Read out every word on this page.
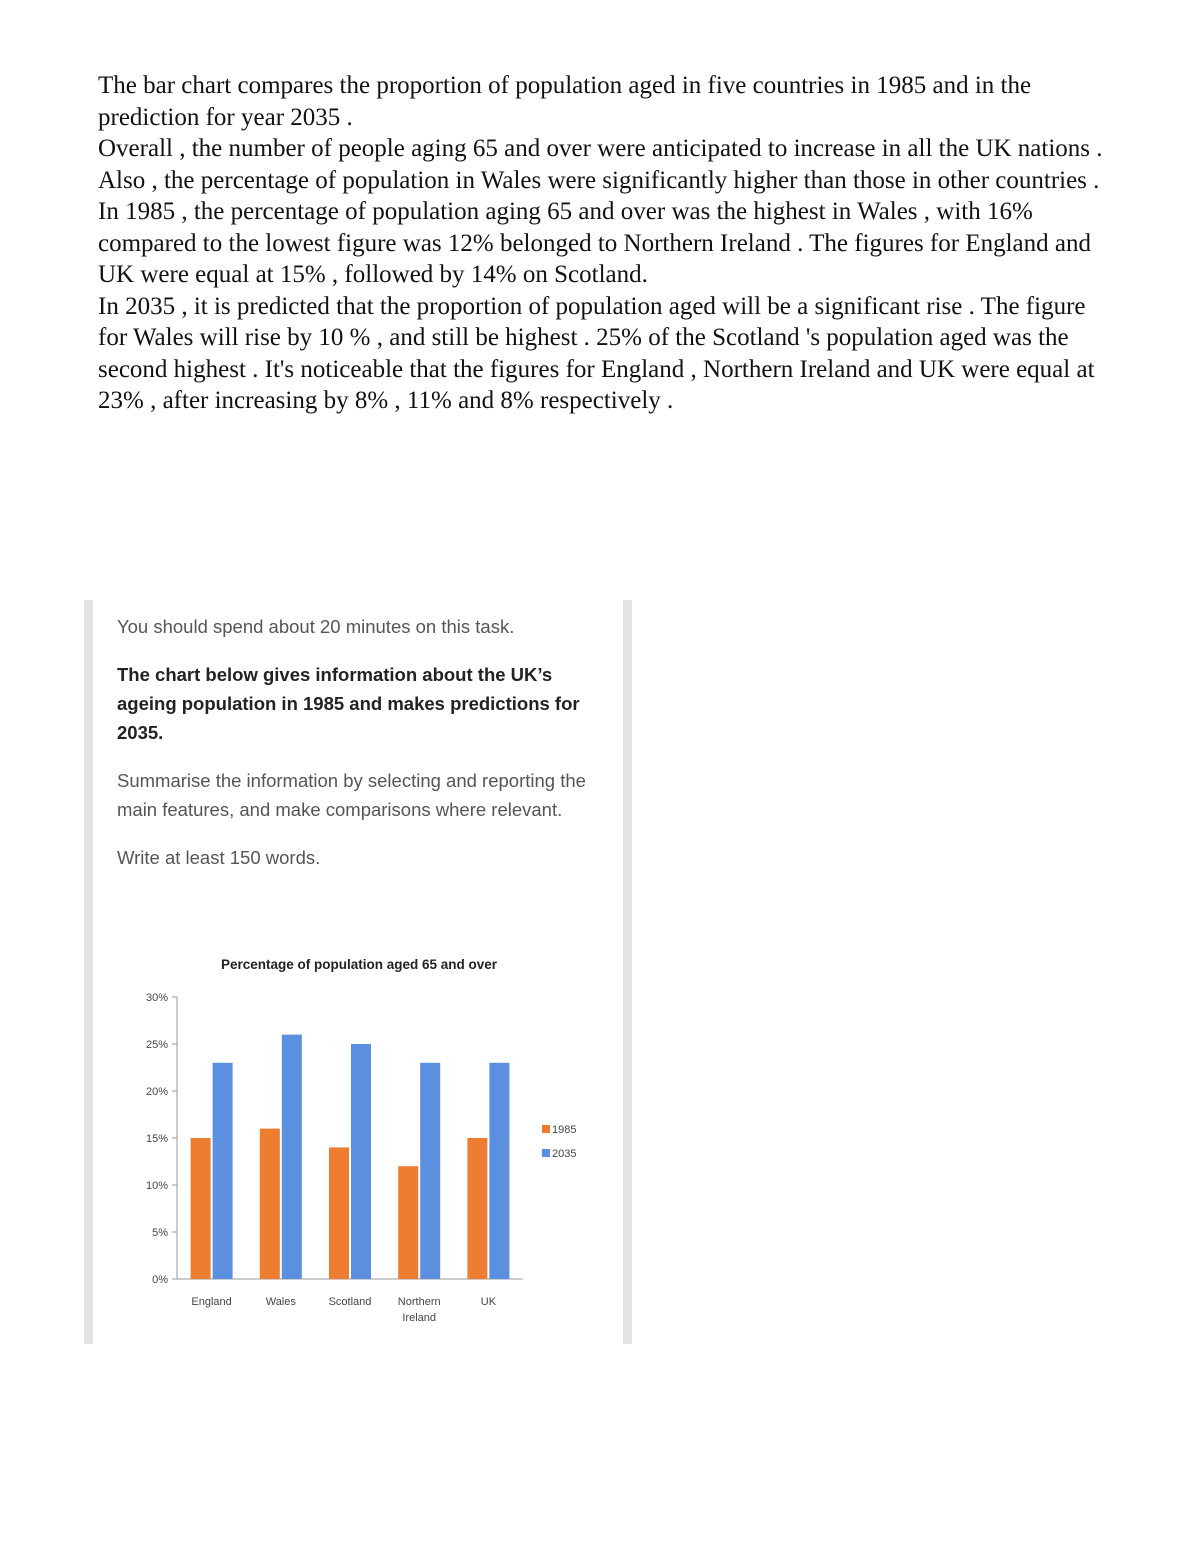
The bar chart compares the proportion of population aged in five countries in 1985 and in the prediction for year 2035 .

Overall , the number of people aging 65 and over were anticipated to increase in all the UK nations . Also , the percentage of population in Wales were significantly higher than those in other countries .

In 1985 , the percentage of population aging 65 and over was the highest in Wales , with 16% compared to the lowest figure was 12% belonged to Northern Ireland . The figures for England and UK were equal at 15% , followed by 14% on Scotland.

In 2035 , it is predicted that the proportion of population aged will be a significant rise . The figure for Wales will rise by 10 % , and still be highest . 25% of the Scotland 's population aged was the second highest . It's noticeable that the figures for England , Northern Ireland and UK were equal at 23% , after increasing by 8% , 11% and 8% respectively .

You should spend about 20 minutes on this task.

The chart below gives information about the UK’s ageing population in 1985 and makes predictions for 2035.

Summarise the information by selecting and reporting the main features, and make comparisons where relevant.

Write at least 150 words.

Percentage of population aged 65 and over
0%
5%
10%
15%
20%
25%
30%
England	Wales	Scotland Northern Ireland
UK
1985
2035
